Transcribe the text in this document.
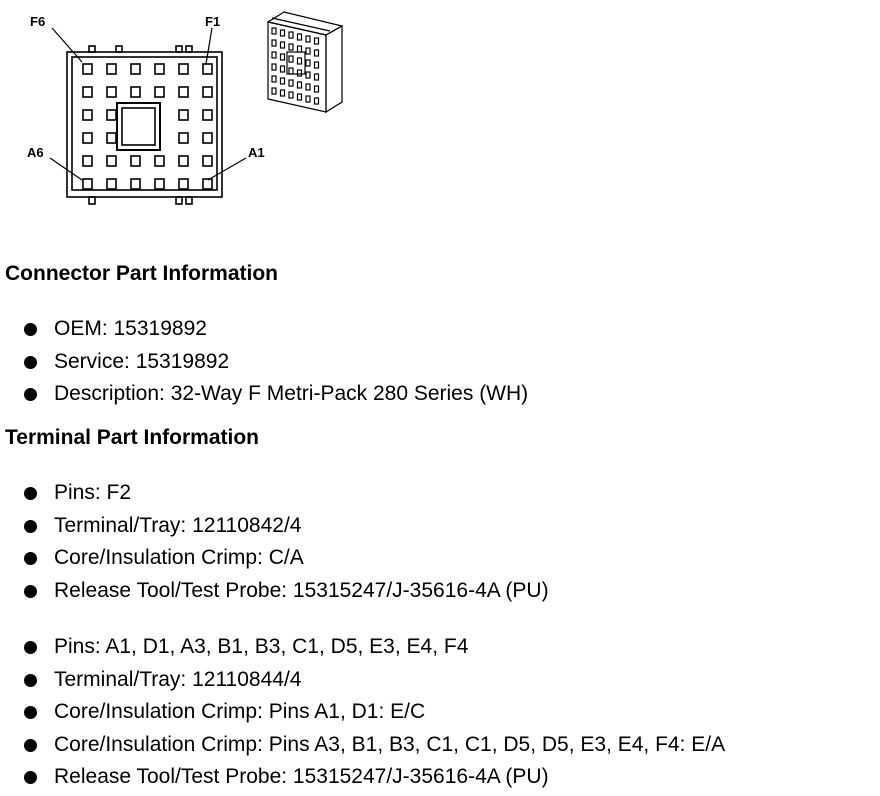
F6	F1
A6	A1
Connector Part Information
OEM: 15319892
Service: 15319892
Description: 32-Way F Metri-Pack 280 Series (WH)
Terminal Part Information
Pins: F2
Terminal/Tray: 12110842/4
Core/Insulation Crimp: C/A
Release Tool/Test Probe: 15315247/J-35616-4A (PU)
Pins: A1, D1, A3, B1, B3, C1, D5, E3, E4, F4
Terminal/Tray: 12110844/4
Core/Insulation Crimp: Pins A1, D1: E/C
Core/Insulation Crimp: Pins A3, B1, B3, C1, C1, D5, D5, E3, E4, F4: E/A
Release Tool/Test Probe: 15315247/J-35616-4A (PU)
